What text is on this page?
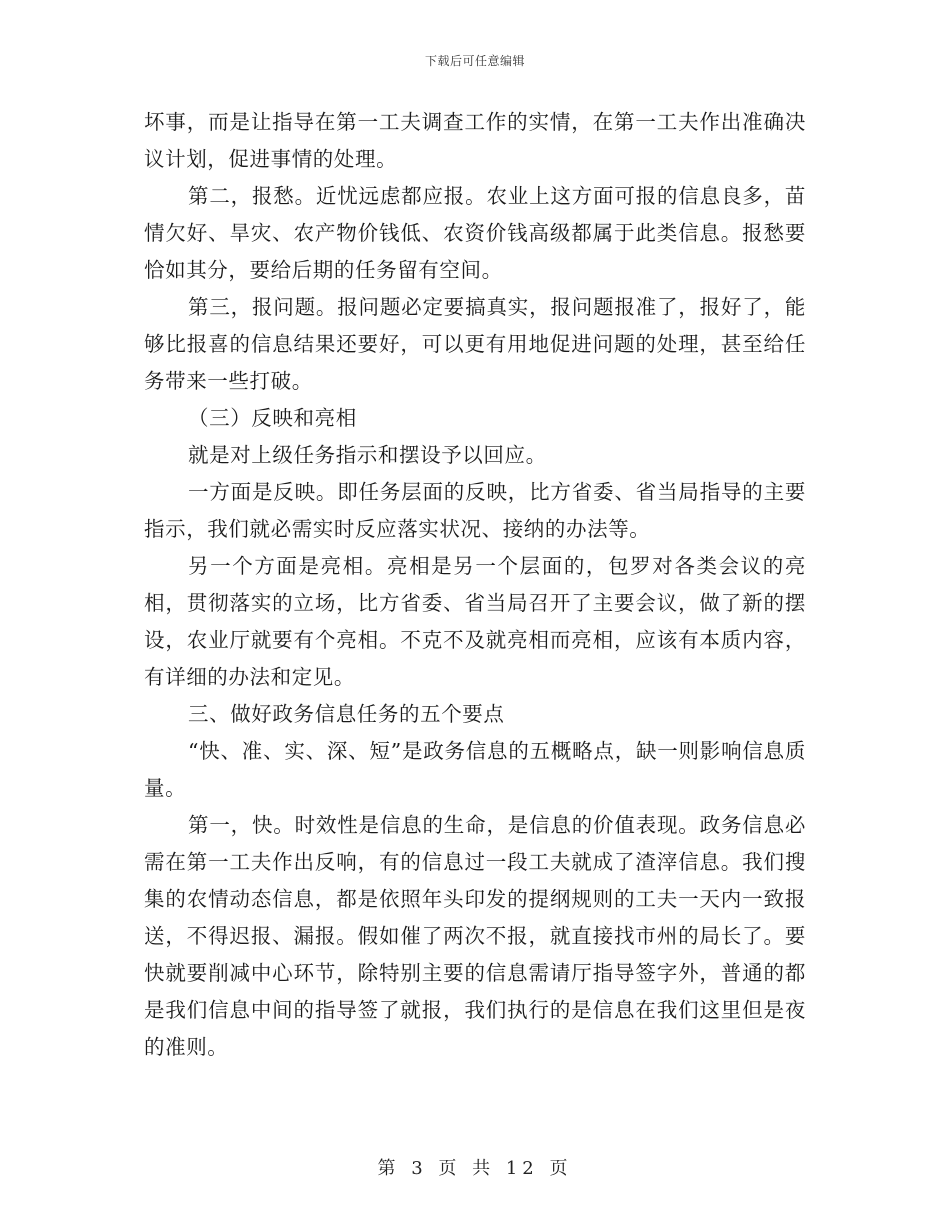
下载后可任意编辑

坏事，而是让指导在第一工夫调查工作的实情，在第一工夫作出准确决议计划，促进事情的处理。

第二，报愁。近忧远虑都应报。农业上这方面可报的信息良多，苗情欠好、旱灾、农产物价钱低、农资价钱高级都属于此类信息。报愁要恰如其分，要给后期的任务留有空间。

第三，报问题。报问题必定要搞真实，报问题报准了，报好了，能够比报喜的信息结果还要好，可以更有用地促进问题的处理，甚至给任务带来一些打破。

（三）反映和亮相

就是对上级任务指示和摆设予以回应。

一方面是反映。即任务层面的反映，比方省委、省当局指导的主要指示，我们就必需实时反应落实状况、接纳的办法等。

另一个方面是亮相。亮相是另一个层面的，包罗对各类会议的亮相，贯彻落实的立场，比方省委、省当局召开了主要会议，做了新的摆设，农业厅就要有个亮相。不克不及就亮相而亮相，应该有本质内容，有详细的办法和定见。

三、做好政务信息任务的五个要点

“快、准、实、深、短”是政务信息的五概略点，缺一则影响信息质量。

第一，快。时效性是信息的生命，是信息的价值表现。政务信息必需在第一工夫作出反响，有的信息过一段工夫就成了渣滓信息。我们搜集的农情动态信息，都是依照年头印发的提纲规则的工夫一天内一致报送，不得迟报、漏报。假如催了两次不报，就直接找市州的局长了。要快就要削减中心环节，除特别主要的信息需请厅指导签字外，普通的都是我们信息中间的指导签了就报，我们执行的是信息在我们这里但是夜的准则。

第 3 页 共 12 页
